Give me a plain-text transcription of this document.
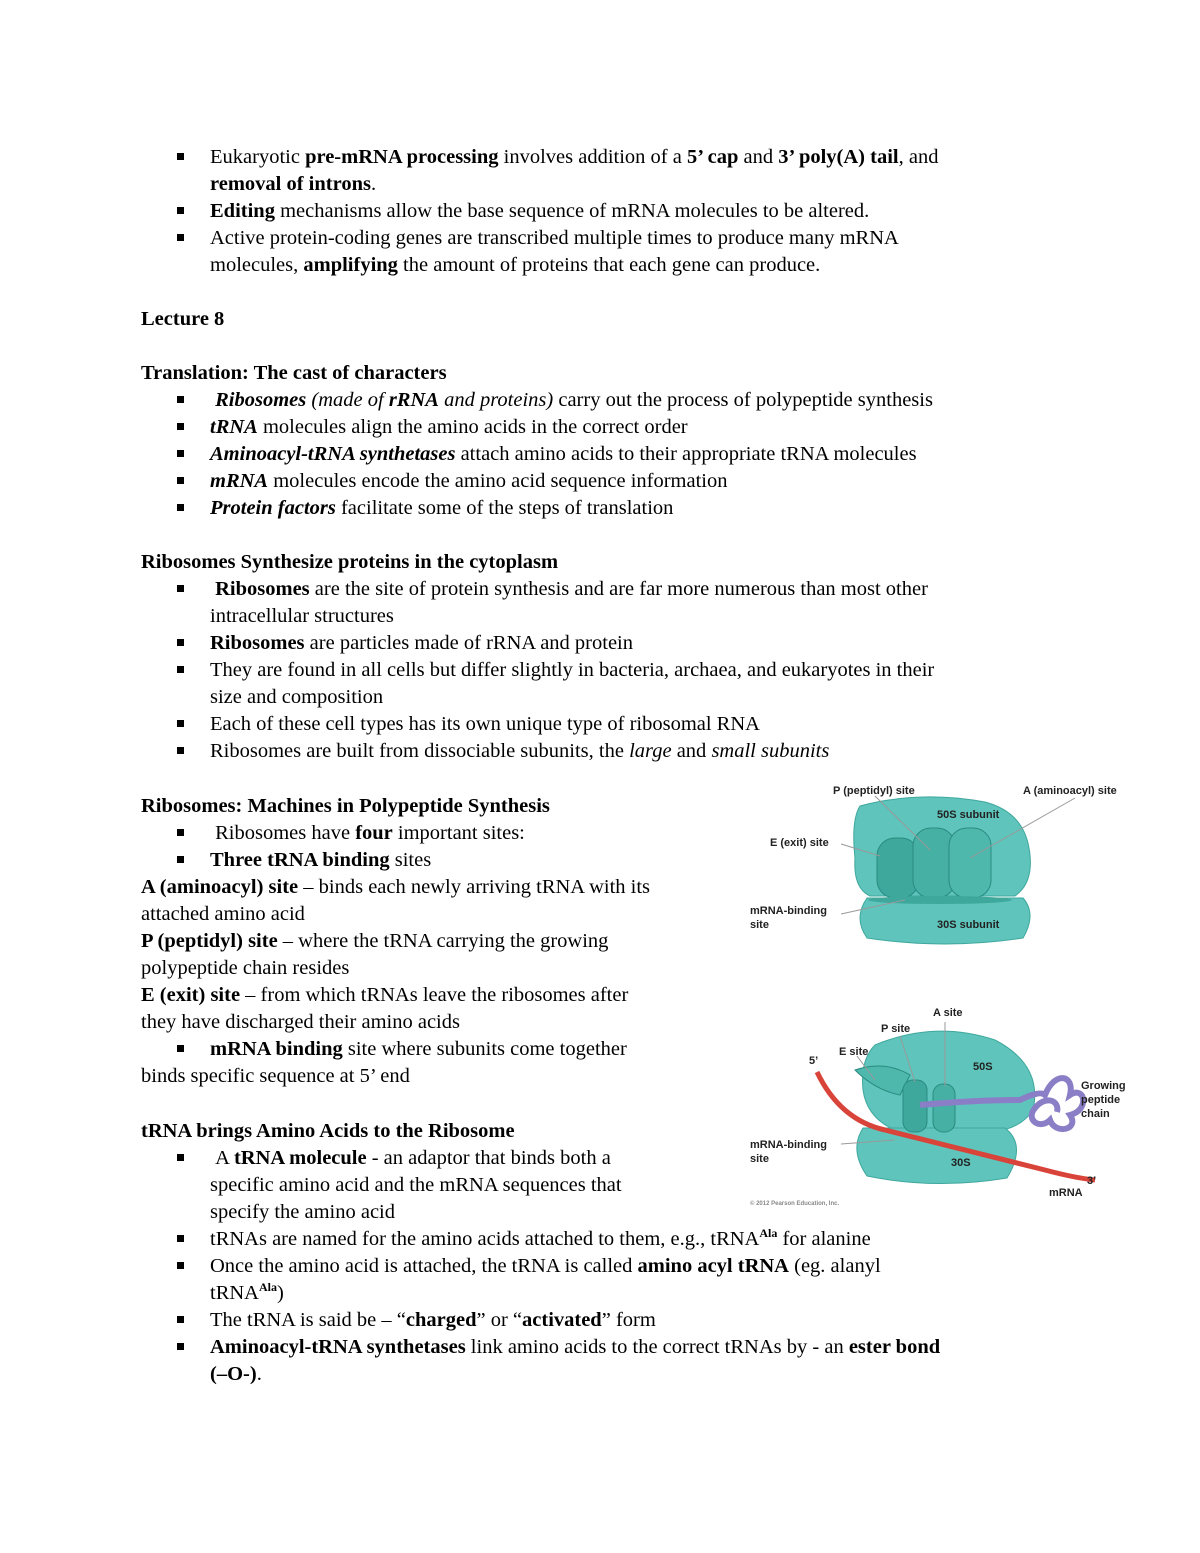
Eukaryotic pre-mRNA processing involves addition of a 5’ cap and 3’ poly(A) tail, and
removal of introns.
Editing mechanisms allow the base sequence of mRNA molecules to be altered.
Active protein-coding genes are transcribed multiple times to produce many mRNA
molecules, amplifying the amount of proteins that each gene can produce.
Lecture 8
Translation: The cast of characters
Ribosomes (made of rRNA and proteins) carry out the process of polypeptide synthesis
tRNA molecules align the amino acids in the correct order
Aminoacyl-tRNA synthetases attach amino acids to their appropriate tRNA molecules
mRNA molecules encode the amino acid sequence information
Protein factors facilitate some of the steps of translation
Ribosomes Synthesize proteins in the cytoplasm
Ribosomes are the site of protein synthesis and are far more numerous than most other
intracellular structures
Ribosomes are particles made of rRNA and protein
They are found in all cells but differ slightly in bacteria, archaea, and eukaryotes in their
size and composition
Each of these cell types has its own unique type of ribosomal RNA
Ribosomes are built from dissociable subunits, the large and small subunits
Ribosomes: Machines in Polypeptide Synthesis
Ribosomes have four important sites:
Three tRNA binding sites
A (aminoacyl) site – binds each newly arriving tRNA with its
attached amino acid
P (peptidyl) site – where the tRNA carrying the growing
polypeptide chain resides
E (exit) site – from which tRNAs leave the ribosomes after
they have discharged their amino acids
mRNA binding site where subunits come together
binds specific sequence at 5’ end
tRNA brings Amino Acids to the Ribosome
A tRNA molecule - an adaptor that binds both a
specific amino acid and the mRNA sequences that
specify the amino acid
tRNAs are named for the amino acids attached to them, e.g., tRNA$^{Ala}$ for alanine
Once the amino acid is attached, the tRNA is called amino acyl tRNA (eg. alanyl
tRNA$^{Ala}$)
The tRNA is said be – “charged” or “activated” form
Aminoacyl-tRNA synthetases link amino acids to the correct tRNAs by - an ester bond
(–O-).
P (peptidyl) site	A (aminoacyl) site
50S subunit
E (exit) site
mRNA-binding
site	30S subunit
A site
P site
E site
5’	50S
Growing
peptide
chain
mRNA-binding
site	30S
3’
mRNA
© 2012 Pearson Education, Inc.
